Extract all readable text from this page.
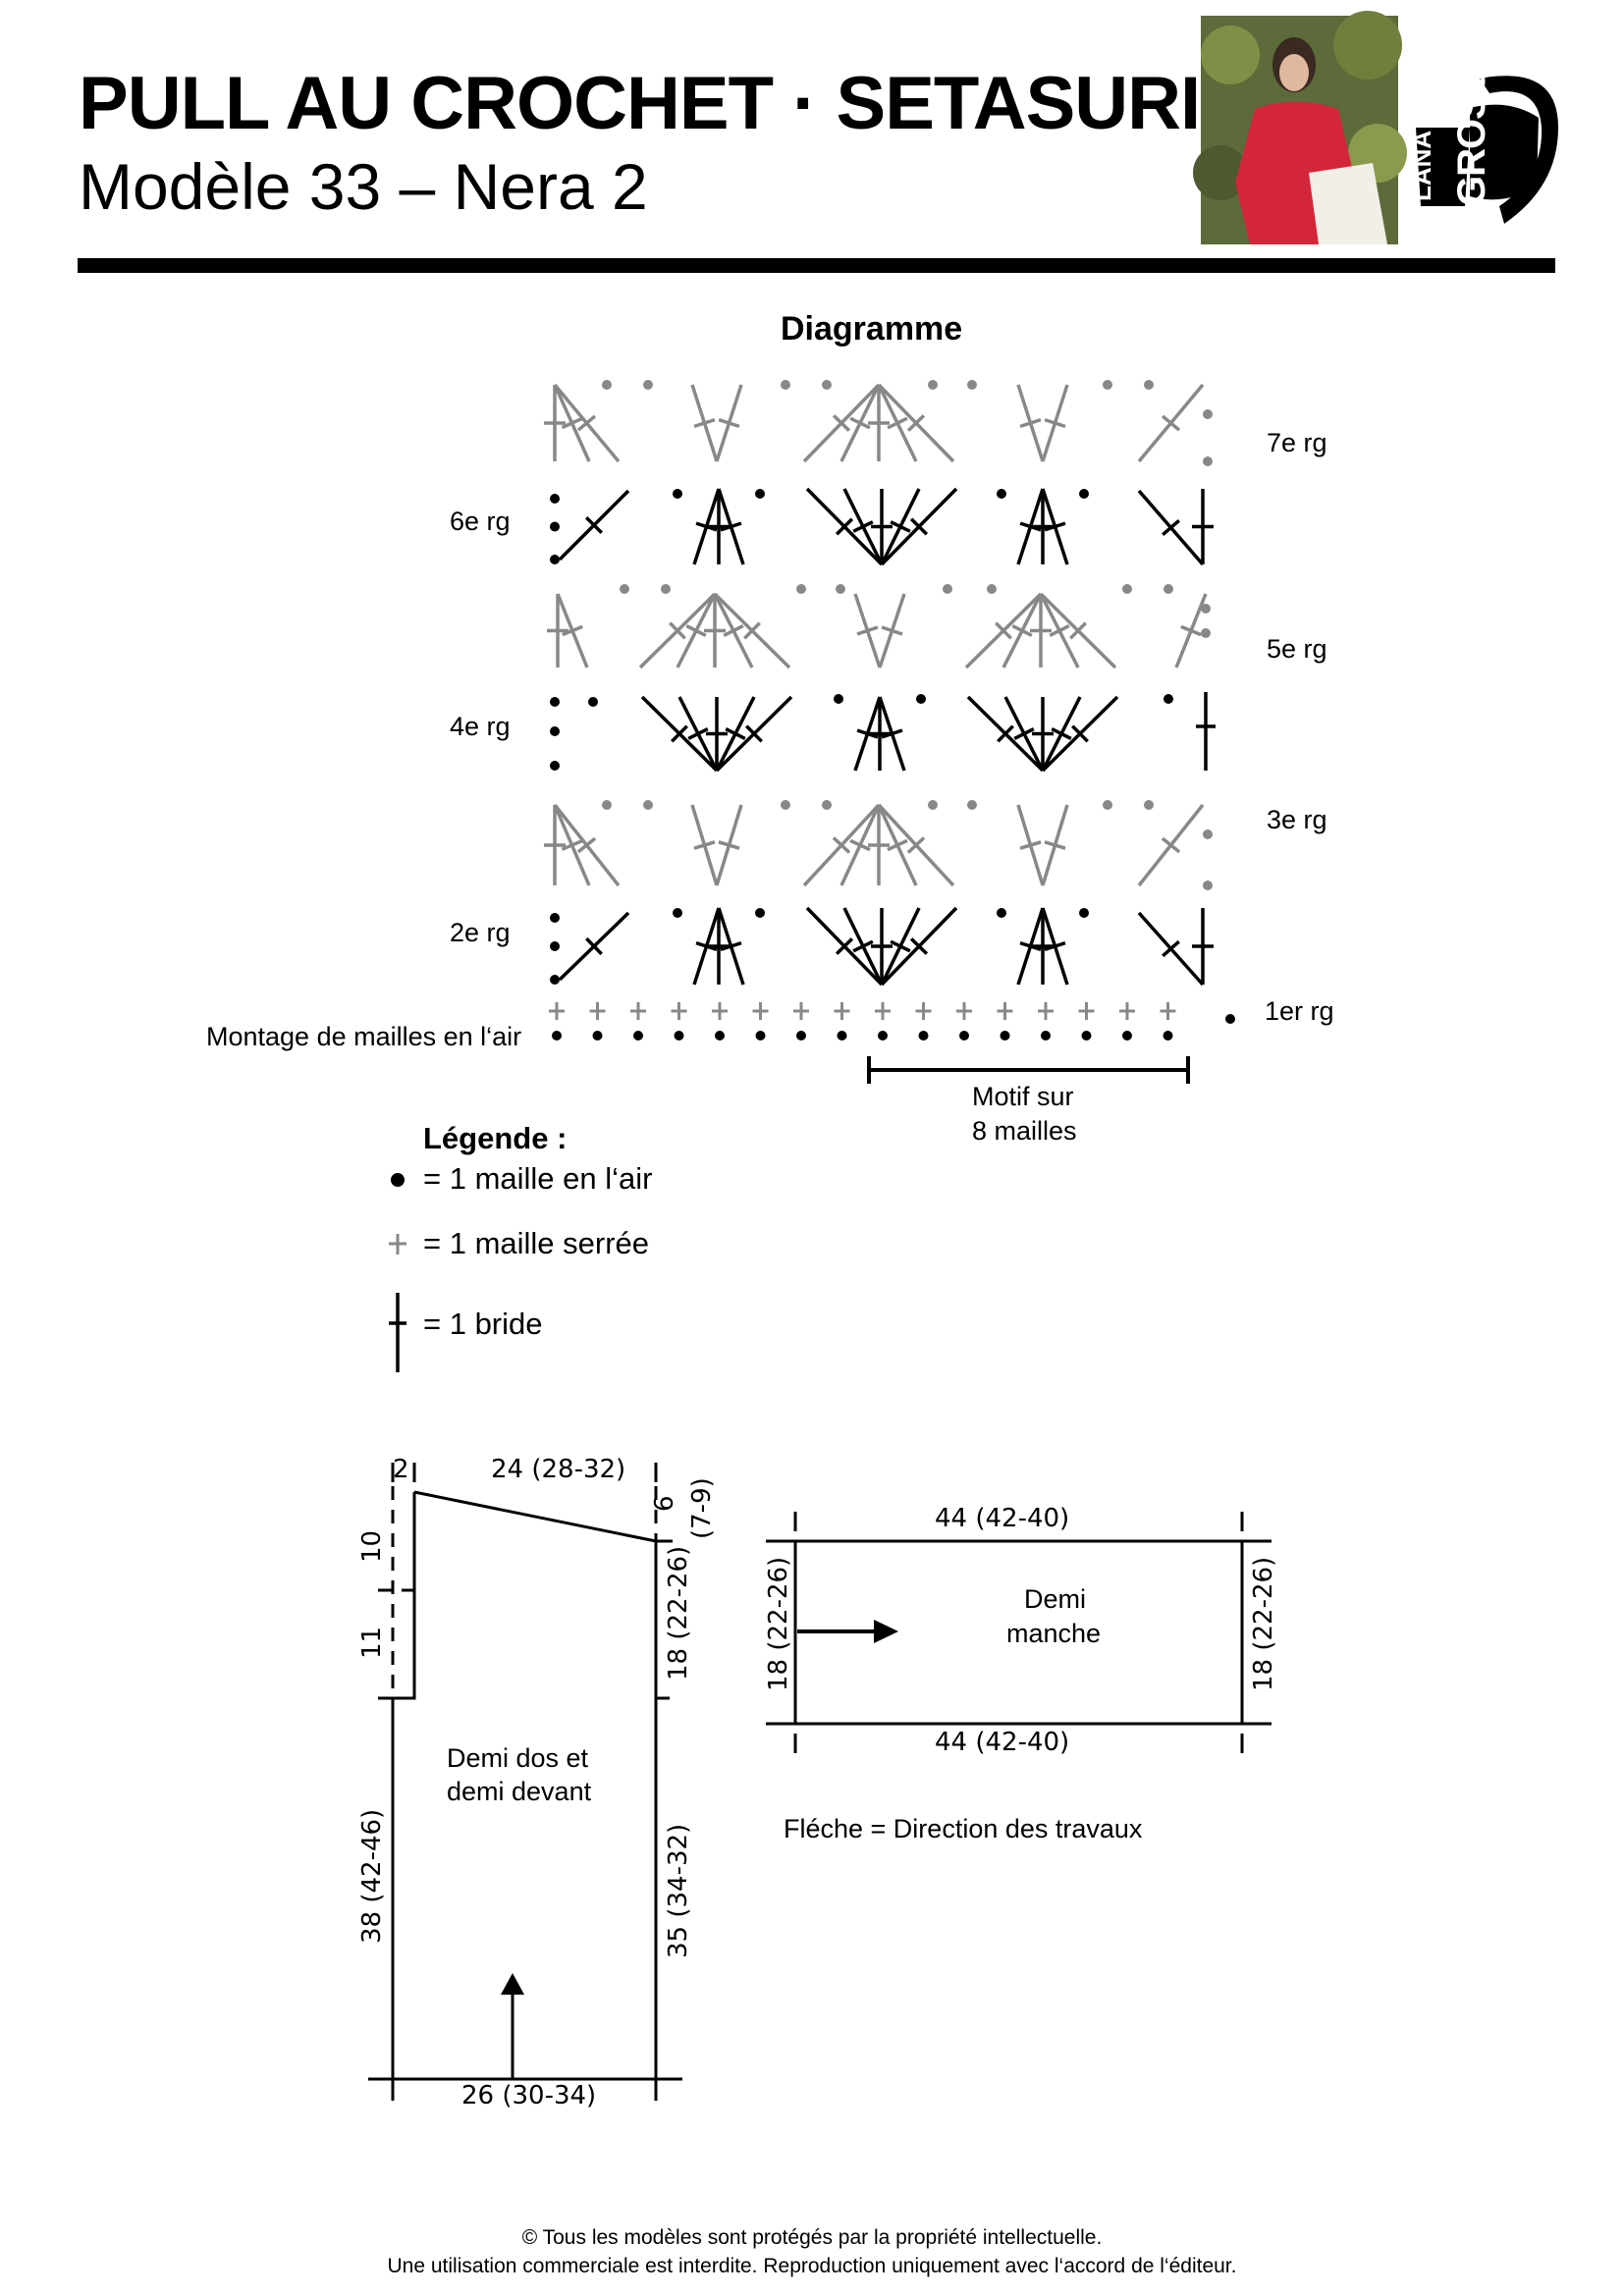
PULL AU CROCHET · SETASURI
Modèle 33 – Nera 2	LANA GROSSA
Diagramme
6e rg
4e rg
2e rg
7e rg
5e rg
3e rg
1er rg
Montage de mailles en l‘air
Motif sur
8 mailles
Légende :
= 1 maille en l‘air
= 1 maille serrée
= 1 bride
2	24 (28-32)
6 (7-9)
10
11	18 (22-26)
Demi dos et
demi devant
38 (42-46)	35 (34-32)
26 (30-34)
44 (42-40)
18 (22-26)	18 (22-26)
Demi
manche
44 (42-40)
Fléche = Direction des travaux
© Tous les modèles sont protégés par la propriété intellectuelle.
Une utilisation commerciale est interdite. Reproduction uniquement avec l‘accord de l‘éditeur.
